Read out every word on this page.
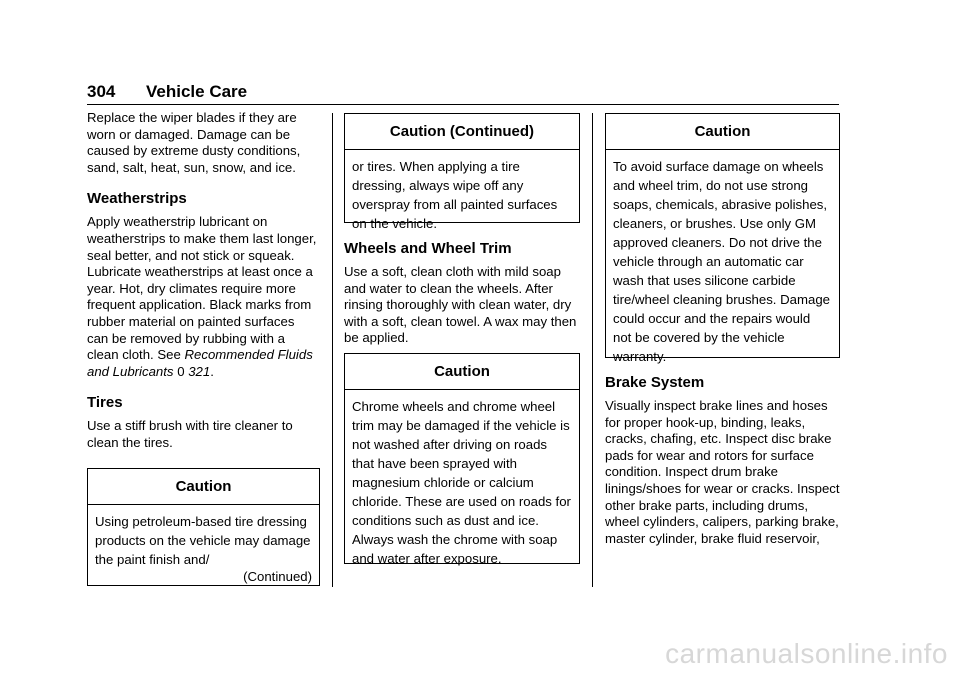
304 Vehicle Care

Replace the wiper blades if they are worn or damaged. Damage can be caused by extreme dusty conditions, sand, salt, heat, sun, snow, and ice.

Weatherstrips

Apply weatherstrip lubricant on weatherstrips to make them last longer, seal better, and not stick or squeak. Lubricate weatherstrips at least once a year. Hot, dry climates require more frequent application. Black marks from rubber material on painted surfaces can be removed by rubbing with a clean cloth. See Recommended Fluids and Lubricants 0 321.

Tires

Use a stiff brush with tire cleaner to clean the tires.

Caution
Using petroleum-based tire dressing products on the vehicle may damage the paint finish and/
(Continued)
Caution (Continued)
or tires. When applying a tire dressing, always wipe off any overspray from all painted surfaces on the vehicle.
Wheels and Wheel Trim

Use a soft, clean cloth with mild soap and water to clean the wheels. After rinsing thoroughly with clean water, dry with a soft, clean towel. A wax may then be applied.

Caution
Chrome wheels and chrome wheel trim may be damaged if the vehicle is not washed after driving on roads that have been sprayed with magnesium chloride or calcium chloride. These are used on roads for conditions such as dust and ice. Always wash the chrome with soap and water after exposure.
Caution
To avoid surface damage on wheels and wheel trim, do not use strong soaps, chemicals, abrasive polishes, cleaners, or brushes. Use only GM approved cleaners. Do not drive the vehicle through an automatic car wash that uses silicone carbide tire/wheel cleaning brushes. Damage could occur and the repairs would not be covered by the vehicle warranty.
Brake System

Visually inspect brake lines and hoses for proper hook-up, binding, leaks, cracks, chafing, etc. Inspect disc brake pads for wear and rotors for surface condition. Inspect drum brake linings/shoes for wear or cracks. Inspect other brake parts, including drums, wheel cylinders, calipers, parking brake, master cylinder, brake fluid reservoir,

carmanualsonline.info
